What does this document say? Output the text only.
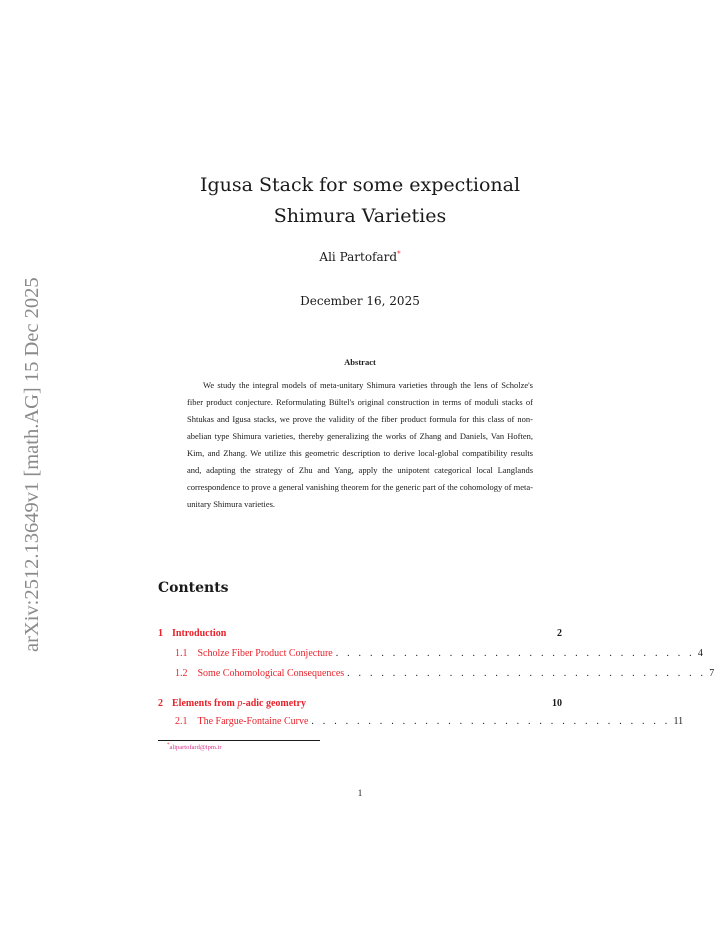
arXiv:2512.13649v1 [math.AG] 15 Dec 2025
Igusa Stack for some expectional Shimura Varieties
Ali Partofard*
December 16, 2025
Abstract

We study the integral models of meta-unitary Shimura varieties through the lens of Scholze's fiber product conjecture. Reformulating Bültel's original construction in terms of moduli stacks of Shtukas and Igusa stacks, we prove the validity of the fiber product formula for this class of non-abelian type Shimura varieties, thereby generalizing the works of Zhang and Daniels, Van Hoften, Kim, and Zhang. We utilize this geometric description to derive local-global compatibility results and, adapting the strategy of Zhu and Yang, apply the unipotent categorical local Langlands correspondence to prove a general vanishing theorem for the generic part of the cohomology of meta-unitary Shimura varieties.

Contents
1 Introduction	2
1.1 Scholze Fiber Product Conjecture . . . . . . . . . . . . . . . . . . . . . . . . . . . . . . . . 4
1.2 Some Cohomological Consequences . . . . . . . . . . . . . . . . . . . . . . . . . . . . . . . . 7
2 Elements from p-adic geometry	10
2.1 The Fargue-Fontaine Curve . . . . . . . . . . . . . . . . . . . . . . . . . . . . . . . . 11
*alipartofard@ipm.ir
1
